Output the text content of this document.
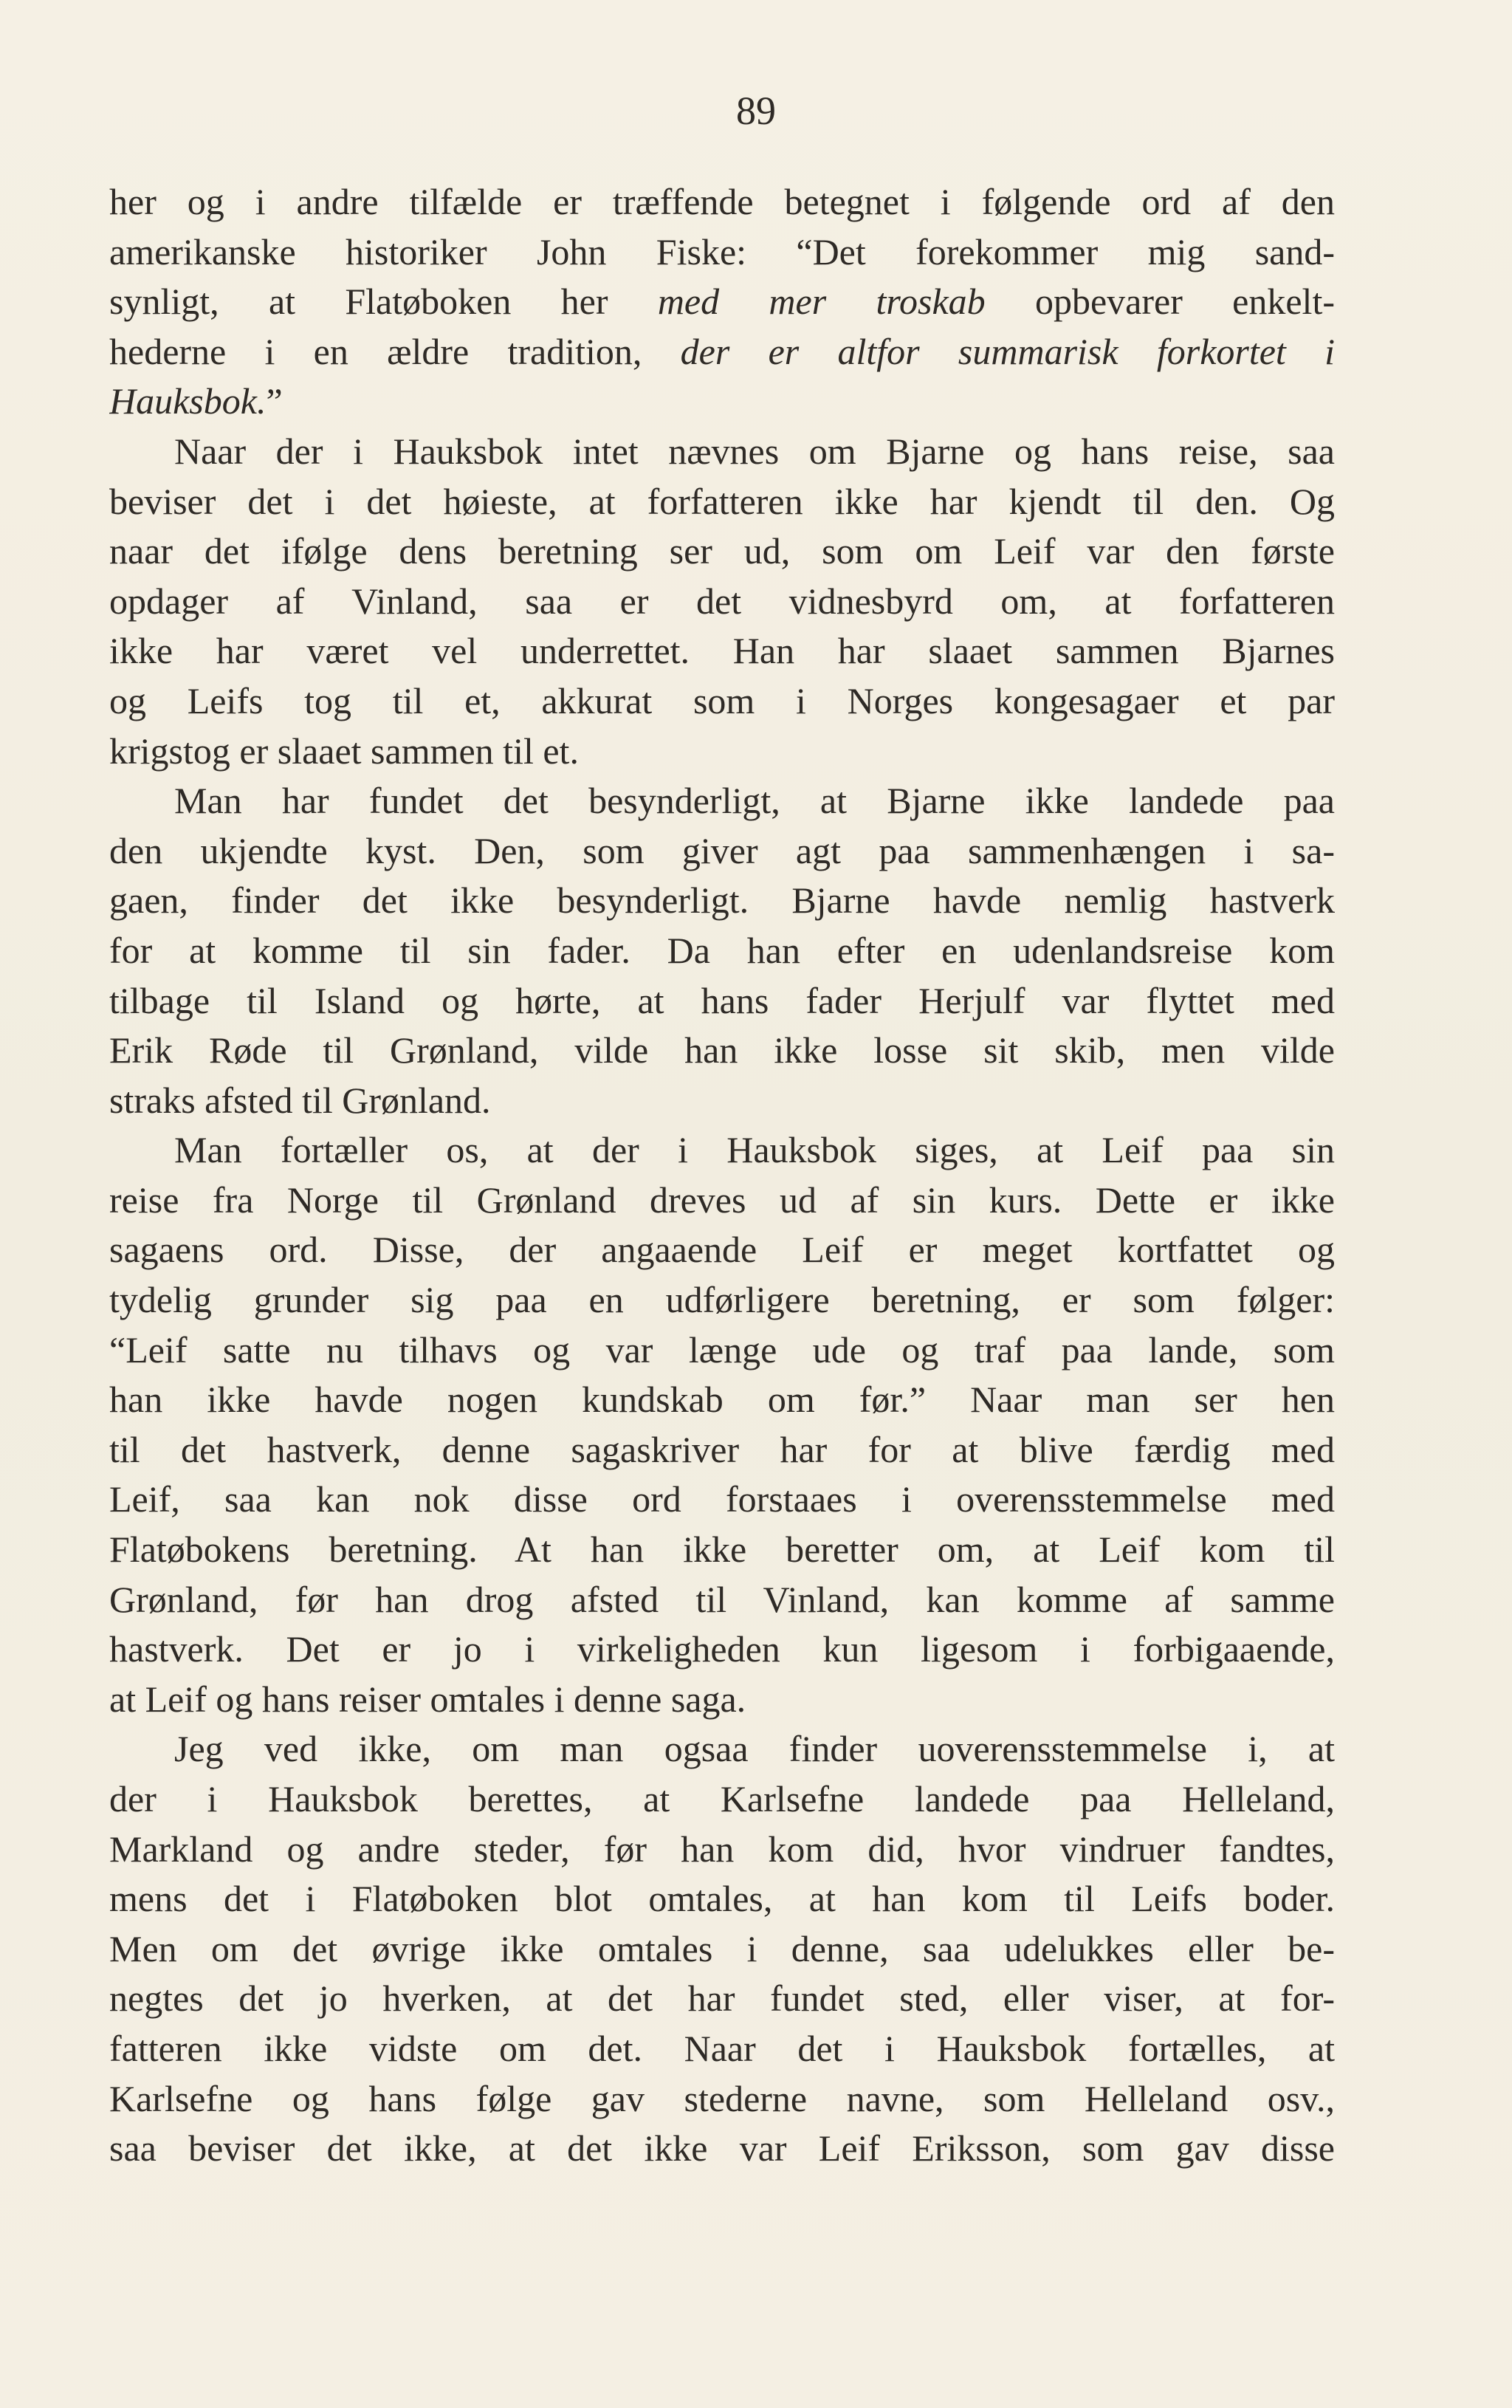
89
her og i andre tilfælde er træffende betegnet i følgende ord af den
amerikanske historiker John Fiske: “Det forekommer mig sand-
synligt, at Flatøboken her med mer troskab opbevarer enkelt-
hederne i en ældre tradition, der er altfor summarisk forkortet i
Hauksbok.”
Naar der i Hauksbok intet nævnes om Bjarne og hans reise, saa
beviser det i det høieste, at forfatteren ikke har kjendt til den. Og
naar det ifølge dens beretning ser ud, som om Leif var den første
opdager af Vinland, saa er det vidnesbyrd om, at forfatteren
ikke har været vel underrettet. Han har slaaet sammen Bjarnes
og Leifs tog til et, akkurat som i Norges kongesagaer et par
krigstog er slaaet sammen til et.
Man har fundet det besynderligt, at Bjarne ikke landede paa
den ukjendte kyst. Den, som giver agt paa sammenhængen i sa-
gaen, finder det ikke besynderligt. Bjarne havde nemlig hastverk
for at komme til sin fader. Da han efter en udenlandsreise kom
tilbage til Island og hørte, at hans fader Herjulf var flyttet med
Erik Røde til Grønland, vilde han ikke losse sit skib, men vilde
straks afsted til Grønland.
Man fortæller os, at der i Hauksbok siges, at Leif paa sin
reise fra Norge til Grønland dreves ud af sin kurs. Dette er ikke
sagaens ord. Disse, der angaaende Leif er meget kortfattet og
tydelig grunder sig paa en udførligere beretning, er som følger:
“Leif satte nu tilhavs og var længe ude og traf paa lande, som
han ikke havde nogen kundskab om før.” Naar man ser hen
til det hastverk, denne sagaskriver har for at blive færdig med
Leif, saa kan nok disse ord forstaaes i overensstemmelse med
Flatøbokens beretning. At han ikke beretter om, at Leif kom til
Grønland, før han drog afsted til Vinland, kan komme af samme
hastverk. Det er jo i virkeligheden kun ligesom i forbigaaende,
at Leif og hans reiser omtales i denne saga.
Jeg ved ikke, om man ogsaa finder uoverensstemmelse i, at
der i Hauksbok berettes, at Karlsefne landede paa Helleland,
Markland og andre steder, før han kom did, hvor vindruer fandtes,
mens det i Flatøboken blot omtales, at han kom til Leifs boder.
Men om det øvrige ikke omtales i denne, saa udelukkes eller be-
negtes det jo hverken, at det har fundet sted, eller viser, at for-
fatteren ikke vidste om det. Naar det i Hauksbok fortælles, at
Karlsefne og hans følge gav stederne navne, som Helleland osv.,
saa beviser det ikke, at det ikke var Leif Eriksson, som gav disse
